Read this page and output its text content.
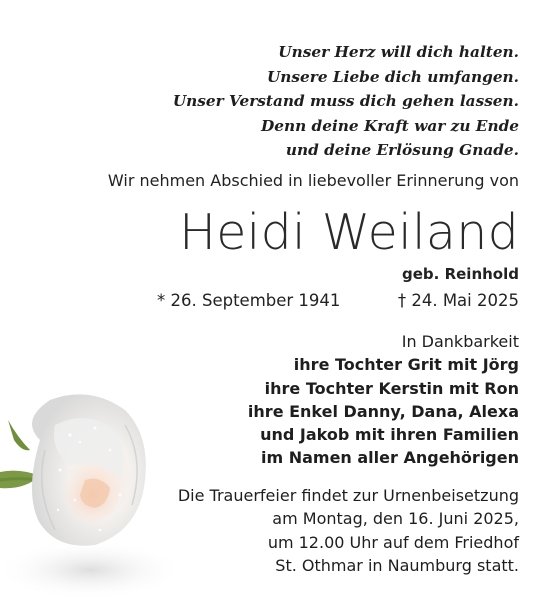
Unser Herz will dich halten.
Unsere Liebe dich umfangen.
Unser Verstand muss dich gehen lassen.
Denn deine Kraft war zu Ende
und deine Erlösung Gnade.
Wir nehmen Abschied in liebevoller Erinnerung von
Heidi Weiland
geb. Reinhold
* 26. September 1941	† 24. Mai 2025
In Dankbarkeit
ihre Tochter Grit mit Jörg
ihre Tochter Kerstin mit Ron
ihre Enkel Danny, Dana, Alexa
und Jakob mit ihren Familien
im Namen aller Angehörigen
Die Trauerfeier findet zur Urnenbeisetzung
am Montag, den 16. Juni 2025,
um 12.00 Uhr auf dem Friedhof
St. Othmar in Naumburg statt.
